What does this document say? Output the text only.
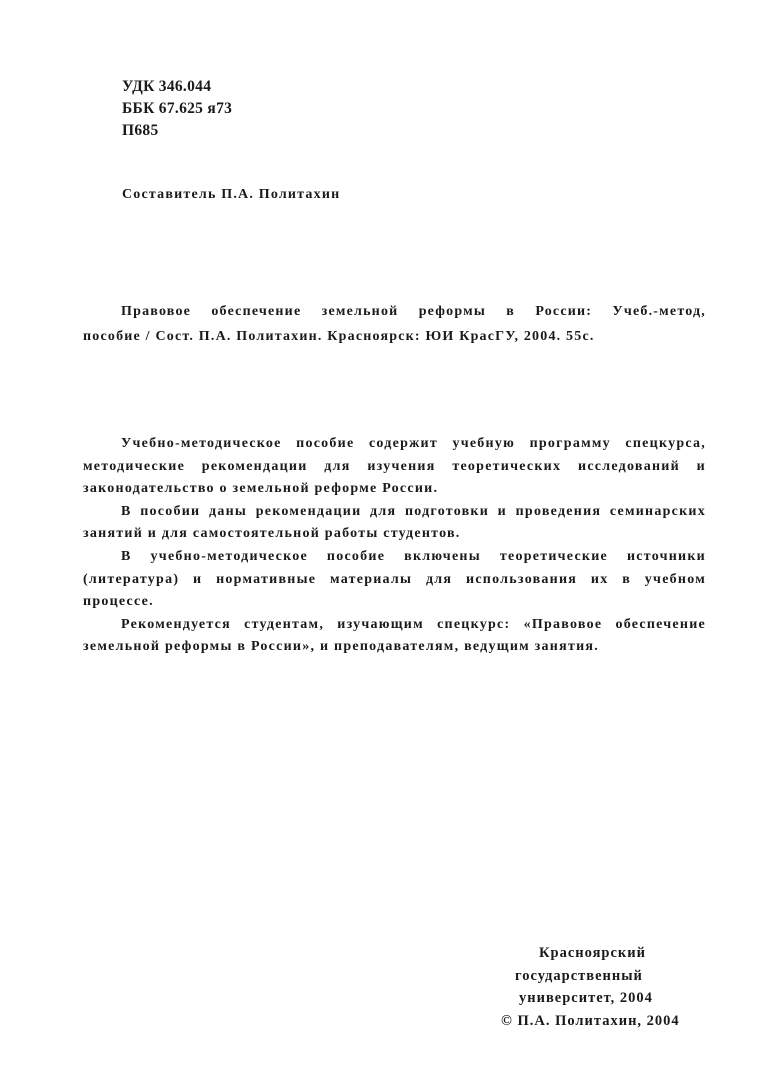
УДК 346.044
ББК 67.625 я73
П685
Составитель П.А. Политахин
Правовое обеспечение земельной реформы в России: Учеб.-метод,
пособие / Сост. П.А. Политахин. Красноярск: ЮИ КрасГУ, 2004. 55с.

Учебно-методическое пособие содержит учебную программу спецкурса, методические рекомендации для изучения теоретических исследований и законодательство о земельной реформе России.

В пособии даны рекомендации для подготовки и проведения семинарских занятий и для самостоятельной работы студентов.

В учебно-методическое пособие включены теоретические источники (литература) и нормативные материалы для использования их в учебном процессе.

Рекомендуется студентам, изучающим спецкурс: «Правовое обеспечение земельной реформы в России», и преподавателям, ведущим занятия.

Красноярский
государственный
университет, 2004
© П.А. Политахин, 2004
